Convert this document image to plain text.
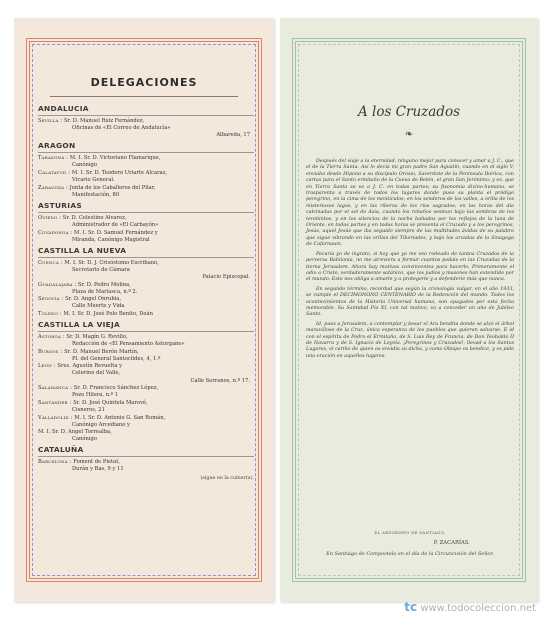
DELEGACIONES
ANDALUCIA
Sevilla : Sr. D. Manuel Ruiz Fernández,
Oficinas de «El Correo de Andalucía»
Albareda, 17
ARAGON
Tarazona : M. I. Sr. D. Victoriano Flamarique,
Canónigo
Calatayud : M. I. Sr. D. Teodoro Uriarte Alcaraz,
Vicario General.
Zaragoza : Junta de los Caballeros del Pilar,
Manifestación, 80
ASTURIAS
Oviedo : Sr. D. Celestino Alvarez,
Administrador de «El Carbayón»
Covadonga : M. I. Sr. D. Samuel Fernández y
Miranda, Canónigo Magistral
CASTILLA LA NUEVA
Cuenca : M. I. Sr. D. J. Crisóstomo Escribano,
Secretario de Cámara
Palacio Episcopal.
Guadalajara : Sr. D. Pedro Molina,
Plaza de Marlasca, n.º 2.
Segovia : Sr. D. Angel Onrubia,
Calle Muerte y Vida
Toledo : M. I. Sr. D. José Polo Benito, Deán
CASTILLA LA VIEJA
Astorga : Sr. D. Magín G. Revillo,
Redacción de «El Pensamiento Astorgano»
Burgos : Sr. D. Manuel Berón Martín,
Pl. del General Santocildes, 4, 1.º
León : Sres. Agustín Revuelta y
Celerino del Valle,
Calle Serranos, n.º 17.
Salamanca : Sr. D. Francisco Sánchez López,
Pozo Hilera, n.º 1
Santander : Sr. D. José Quintela Marové,
Cisneros, 21
Valladolid : M. I. Sr. D. Antonio G. San Román,
Canónigo Arcediano y
M. I. Sr. D. Angel Torrealba,
Canónigo
CATALUÑA
Barcelona : Foment de Pietat,
Durán y Bas, 9 y 11
(sigue en la cubierta).
A los Cruzados
❧

Después del viaje a la eternidad, ninguno mejor para conocer y amar a J. C., que el de la Tierra Santa. Así lo decía mi gran padre San Agustín, cuando en el siglo V, enviaba desde Hipona a su discípulo Orosio, Sacerdote de la Península Ibérica, con cartas para el Santo ermitaño de la Cueva de Belén, el gran San Jerónimo; y es, que en Tierra Santa se ve a J. C. en todas partes; su fisonomía divino-humana, se trasparenta a través de todos los lugares donde puso su planta el pródigo peregrino, en la cima de los montículos; en los senderos de los valles, a orilla de los misteriosos lagos, y en las riberas de los ríos sagrados; en las horas del día calcinadas por el sol de Asia, cuando los rebaños sestean bajo las sombras de los terebintos, y en los silencios de la noche bañados por los reflejos de la luna de Oriente, en todas partes y en todas horas se presenta el Cruzado y a los peregrinos, Jesús, aquel Jesús que iba seguido siempre de las multitudes ávidas de su palabra que sigue vibrando en las orillas del Tiberiades, y bajo los arcadas de la Sinagoga de Cafarnaum.

Pecaría yo de ingrato, si hoy que ya me veo rodeado de tantos Cruzados de la perversa Babilonia, no me atreviera a formar cuantos podáis en las Cruzadas de la tierna Jerusalem. Ahora hay motivos convincentes para hacerlo. Primeramente el odio a Cristo, verdaderamente satánico, que los judíos y masones han extendido por el mundo. Esto nos obliga a amarle y a protegerle y a defenderle más que nunca.

En segundo término, recordad que según la cronología vulgar, en el año 1933, se cumple el DECIMONONO CENTENARIO de la Redención del mundo. Todos los acontecimientos de la Historia Universal humana, son apagados por esta fecha memorable. Su Santidad Pío XI, con tal motivo, va a conceder un año de Jubileo Santo.

Id, pues a Jerusalem, a contemplar y besar el Ara bendita donde se alzó el árbol maravilloso de la Cruz, única esperanza de los pueblos que quieran salvarse. E id con el espíritu de Pedro el Ermitaño, de S. Luis Rey de Francia, de Don Teobaldo II de Navarra y de S. Ignacio de Loyola. ¡Peregrinos y Cruzados!, llevad a los Santos Lugares, el cariño de quien os envidia su dicha, y como Obispo os bendice, y os pide una oración en aquellos lugares.

EL ARZOBISPO DE SANTIAGO,
P. ZACARÍAS.
En Santiago de Compostela en el día de la Circuncisión del Señor.
tc www.todocoleccion.net
